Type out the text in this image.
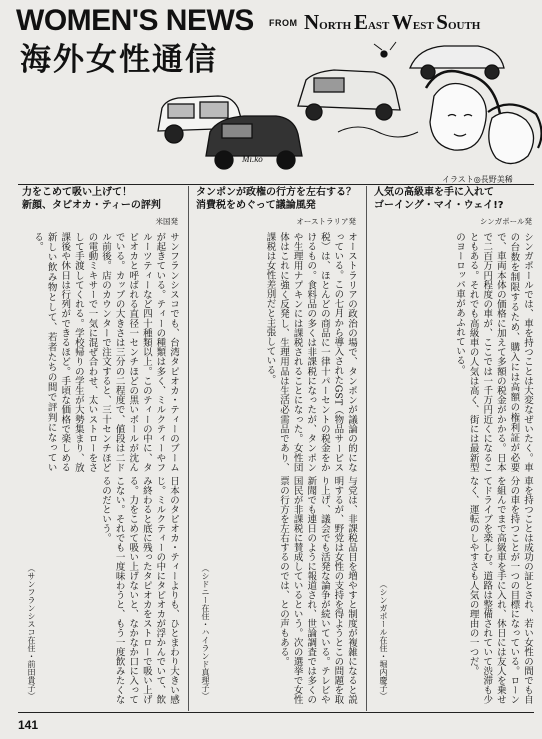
WOMEN'S NEWS FROM NORTH EAST WEST SOUTH
海外女性通信
Mi.ko
イラスト◎長野美稀
力をこめて吸い上げて！
新顔、タピオカ・ティーの評判
米国発
サンフランシスコでも、台湾タピオカ・ティーのブームが起きている。ティーの種類は多く、ミルクティーやフルーツティーなど四十種類以上。このティーの中に、タピオカと呼ばれる直径一センチほどの黒いボールが沈んでいる。カップの大きさは三分の二程度で、値段は二ドル前後。店のカウンターで注文すると、三十センチほどの電動ミキサーで一気に混ぜ合わせ、太いストローをさして手渡してくれる。学校帰りの学生が大勢集まり、放課後や休日は行列ができるほど。手頃な価格で楽しめる新しい飲み物として、若者たちの間で評判になっている。
日本のタピオカ・ティーよりも、ひとまわり大きい感じ。ミルクティーの中にタピオカが浮かんでいて、飲み終わると底に残ったタピオカをストローで吸い上げる。力をこめて吸い上げないと、なかなか口に入ってこない。それでも一度味わうと、もう一度飲みたくなるのだという。
（サンフランシスコ在住・前田貴子）
タンポンが政権の行方を左右する？
消費税をめぐって議論風発
オーストラリア発
オーストラリアの政治の場で、タンポンが議論の的になっている。この七月から導入されたGST（物品サービス税）は、ほとんどの商品に一律十パーセントの税金をかけるもの。食料品の多くは非課税になったが、タンポンや生理用ナプキンには課税されることになった。女性団体はこれに強く反発し、生理用品は生活必需品であり、課税は女性差別だと主張している。
与党は、非課税品目を増やすと制度が複雑になると説明するが、野党は女性の支持を得ようとこの問題を取り上げ、議会でも活発な論争が続いている。テレビや新聞でも連日のように報道され、世論調査では多くの国民が非課税に賛成しているという。次の選挙で女性票の行方を左右するのでは、との声もある。
（シドニー在住・ハイランド真理子）
人気の高級車を手に入れて
ゴーイング・マイ・ウェイ!?
シンガポール発
シンガポールでは、車を持つことは大変なぜいたく。車の台数を制限するため、購入には高額の権利証が必要で、車両本体の価格に加えて多額の税金がかかる。日本で二百万円程度の車が、ここでは一千万円近くになることもある。それでも高級車の人気は高く、街には最新型のヨーロッパ車があふれている。
車を持つことは成功の証とされ、若い女性の間でも自分の車を持つことが一つの目標になっている。ローンを組んでまで高級車を手に入れ、休日には友人を乗せてドライブを楽しむ。道路は整備されていて渋滞も少なく、運転のしやすさも人気の理由の一つだ。
（シンガポール在住・堀内慶子）
141
